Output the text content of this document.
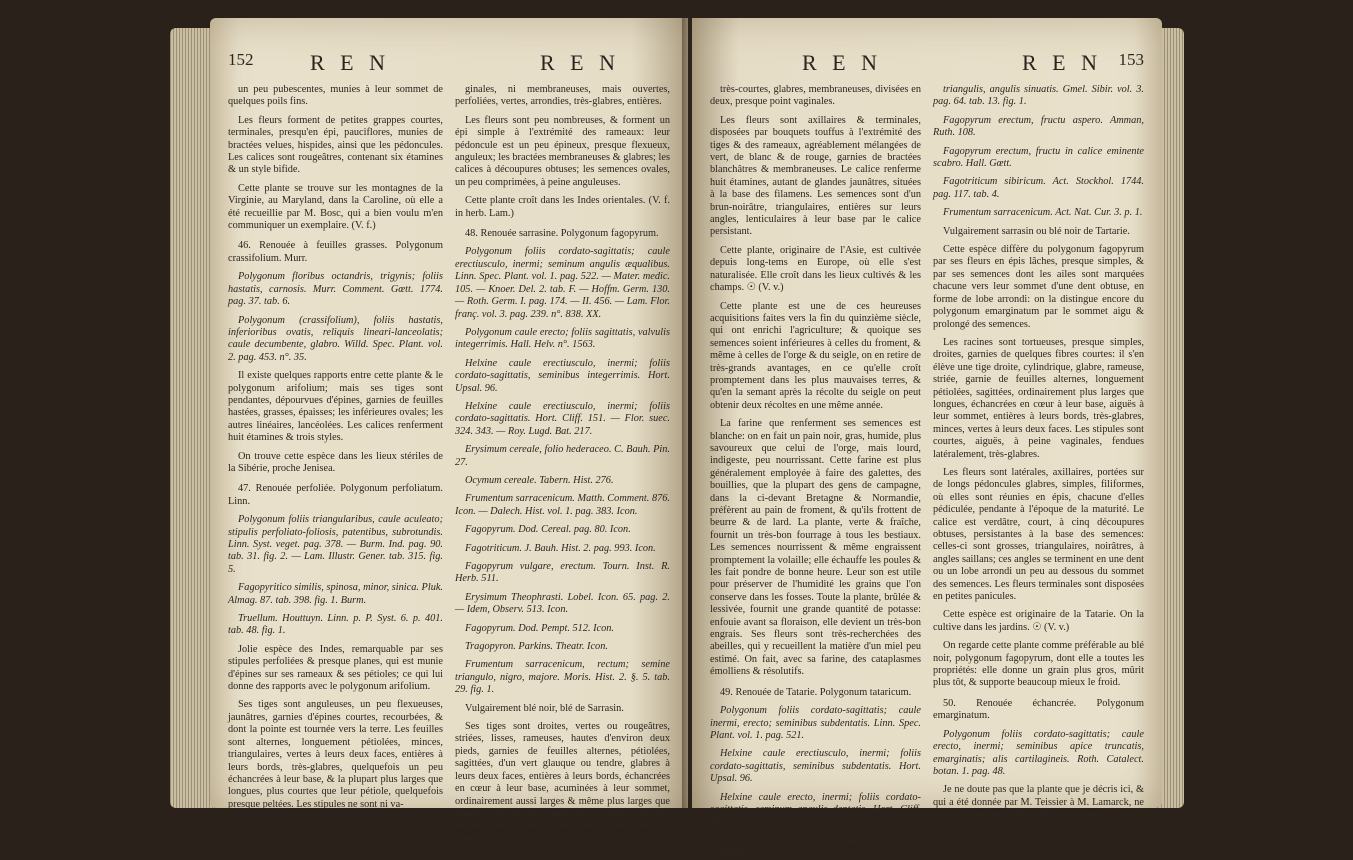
152	R E N	R E N

un peu pubescentes, munies à leur sommet de quelques poils fins.

Les fleurs forment de petites grappes courtes, terminales, presqu'en épi, pauciflores, munies de bractées velues, hispides, ainsi que les pédoncules. Les calices sont rougeâtres, contenant six étamines & un style bifide.

Cette plante se trouve sur les montagnes de la Virginie, au Maryland, dans la Caroline, où elle a été recueillie par M. Bosc, qui a bien voulu m'en communiquer un exemplaire. (V. f.)

46. Renouée à feuilles grasses. Polygonum crassifolium. Murr.

Polygonum floribus octandris, trigynis; foliis hastatis, carnosis. Murr. Comment. Gœtt. 1774. pag. 37. tab. 6.

Polygonum (crassifolium), foliis hastatis, inferioribus ovatis, reliquis lineari-lanceolatis; caule decumbente, glabro. Willd. Spec. Plant. vol. 2. pag. 453. n°. 35.

Il existe quelques rapports entre cette plante & le polygonum arifolium; mais ses tiges sont pendantes, dépourvues d'épines, garnies de feuilles hastées, grasses, épaisses; les inférieures ovales; les autres linéaires, lancéolées. Les calices renferment huit étamines & trois styles.

On trouve cette espèce dans les lieux stériles de la Sibérie, proche Jenisea.

47. Renouée perfoliée. Polygonum perfoliatum. Linn.

Polygonum foliis triangularibus, caule aculeato; stipulis perfoliato-foliosis, patentibus, subrotundis. Linn. Syst. veget. pag. 378. — Burm. Ind. pag. 90. tab. 31. fig. 2. — Lam. Illustr. Gener. tab. 315. fig. 5.

Fagopyritico similis, spinosa, minor, sinica. Pluk. Almag. 87. tab. 398. fig. 1. Burm.

Truellum. Houttuyn. Linn. p. P. Syst. 6. p. 401. tab. 48. fig. 1.

Jolie espèce des Indes, remarquable par ses stipules perfoliées & presque planes, qui est munie d'épines sur ses rameaux & ses pétioles; ce qui lui donne des rapports avec le polygonum arifolium.

Ses tiges sont anguleuses, un peu flexueuses, jaunâtres, garnies d'épines courtes, recourbées, & dont la pointe est tournée vers la terre. Les feuilles sont alternes, longuement pétiolées, minces, triangulaires, vertes à leurs deux faces, entières à leurs bords, très-glabres, quelquefois un peu échancrées à leur base, & la plupart plus larges que longues, plus courtes que leur pétiole, quelquefois presque peltées. Les stipules ne sont ni va-

ginales, ni membraneuses, mais ouvertes, perfoliées, vertes, arrondies, très-glabres, entières.

Les fleurs sont peu nombreuses, & forment un épi simple à l'extrémité des rameaux: leur pédoncule est un peu épineux, presque flexueux, anguleux; les bractées membraneuses & glabres; les calices à découpures obtuses; les semences ovales, un peu comprimées, à peine anguleuses.

Cette plante croît dans les Indes orientales. (V. f. in herb. Lam.)

48. Renouée sarrasine. Polygonum fagopyrum.

Polygonum foliis cordato-sagittatis; caule erectiusculo, inermi; seminum angulis æqualibus. Linn. Spec. Plant. vol. 1. pag. 522. — Mater. medic. 105. — Knoer. Del. 2. tab. F. — Hoffm. Germ. 130. — Roth. Germ. I. pag. 174. — II. 456. — Lam. Flor. franç. vol. 3. pag. 239. n°. 838. XX.

Polygonum caule erecto; foliis sagittatis, valvulis integerrimis. Hall. Helv. n°. 1563.

Helxine caule erectiusculo, inermi; foliis cordato-sagittatis, seminibus integerrimis. Hort. Upsal. 96.

Helxine caule erectiusculo, inermi; foliis cordato-sagittatis. Hort. Cliff. 151. — Flor. suec. 324. 343. — Roy. Lugd. Bat. 217.

Erysimum cereale, folio hederaceo. C. Bauh. Pin. 27.

Ocymum cereale. Tabern. Hist. 276.

Frumentum sarracenicum. Matth. Comment. 876. Icon. — Dalech. Hist. vol. 1. pag. 383. Icon.

Fagopyrum. Dod. Cereal. pag. 80. Icon.

Fagotriticum. J. Bauh. Hist. 2. pag. 993. Icon.

Fagopyrum vulgare, erectum. Tourn. Inst. R. Herb. 511.

Erysimum Theophrasti. Lobel. Icon. 65. pag. 2. — Idem, Observ. 513. Icon.

Fagopyrum. Dod. Pempt. 512. Icon.

Tragopyron. Parkins. Theatr. Icon.

Frumentum sarracenicum, rectum; semine triangulo, nigro, majore. Moris. Hist. 2. §. 5. tab. 29. fig. 1.

Vulgairement blé noir, blé de Sarrasin.

Ses tiges sont droites, vertes ou rougeâtres, striées, lisses, rameuses, hautes d'environ deux pieds, garnies de feuilles alternes, pétiolées, sagittées, d'un vert glauque ou tendre, glabres à leurs deux faces, entières à leurs bords, échancrées en cœur à leur base, acuminées à leur sommet, ordinairement aussi larges & même plus larges que longues; les feuilles supérieures presque sessiles; les dernières amplexicaules. Les stipules sont très-courtes,

R E N	R E N 153

très-courtes, glabres, membraneuses, divisées en deux, presque point vaginales.

Les fleurs sont axillaires & terminales, disposées par bouquets touffus à l'extrémité des tiges & des rameaux, agréablement mélangées de vert, de blanc & de rouge, garnies de bractées blanchâtres & membraneuses. Le calice renferme huit étamines, autant de glandes jaunâtres, situées à la base des filamens. Les semences sont d'un brun-noirâtre, triangulaires, entières sur leurs angles, lenticulaires à leur base par le calice persistant.

Cette plante, originaire de l'Asie, est cultivée depuis long-tems en Europe, où elle s'est naturalisée. Elle croît dans les lieux cultivés & les champs. ☉ (V. v.)

Cette plante est une de ces heureuses acquisitions faites vers la fin du quinzième siècle, qui ont enrichi l'agriculture; & quoique ses semences soient inférieures à celles du froment, & même à celles de l'orge & du seigle, on en retire de très-grands avantages, en ce qu'elle croît promptement dans les plus mauvaises terres, & qu'en la semant après la récolte du seigle on peut obtenir deux récoltes en une même année.

La farine que renferment ses semences est blanche: on en fait un pain noir, gras, humide, plus savoureux que celui de l'orge, mais lourd, indigeste, peu nourrissant. Cette farine est plus généralement employée à faire des galettes, des bouillies, que la plupart des gens de campagne, dans la ci-devant Bretagne & Normandie, préfèrent au pain de froment, & qu'ils frottent de beurre & de lard. La plante, verte & fraîche, fournit un très-bon fourrage à tous les bestiaux. Les semences nourrissent & même engraissent promptement la volaille; elle échauffe les poules & les fait pondre de bonne heure. Leur son est utile pour préserver de l'humidité les grains que l'on conserve dans les fosses. Toute la plante, brûlée & lessivée, fournit une grande quantité de potasse: enfouie avant sa floraison, elle devient un très-bon engrais. Ses fleurs sont très-recherchées des abeilles, qui y recueillent la matière d'un miel peu estimé. On fait, avec sa farine, des cataplasmes émolliens & résolutifs.

49. Renouée de Tatarie. Polygonum tataricum.

Polygonum foliis cordato-sagittatis; caule inermi, erecto; seminibus subdentatis. Linn. Spec. Plant. vol. 1. pag. 521.

Helxine caule erectiusculo, inermi; foliis cordato-sagittatis, seminibus subdentatis. Hort. Upsal. 96.

Helxine caule erecto, inermi; foliis cordato-sagittatis, seminum angulis dentatis. Hort. Cliff. 151.

Polygonum floribus octandris, trigynis; seminibus

triangulis, angulis sinuatis. Gmel. Sibir. vol. 3. pag. 64. tab. 13. fig. 1.

Fagopyrum erectum, fructu aspero. Amman, Ruth. 108.

Fagopyrum erectum, fructu in calice eminente scabro. Hall. Gœtt.

Fagotriticum sibiricum. Act. Stockhol. 1744. pag. 117. tab. 4.

Frumentum sarracenicum. Act. Nat. Cur. 3. p. 1.

Vulgairement sarrasin ou blé noir de Tartarie.

Cette espèce diffère du polygonum fagopyrum par ses fleurs en épis lâches, presque simples, & par ses semences dont les ailes sont marquées chacune vers leur sommet d'une dent obtuse, en forme de lobe arrondi: on la distingue encore du polygonum emarginatum par le sommet aigu & prolongé des semences.

Les racines sont tortueuses, presque simples, droites, garnies de quelques fibres courtes: il s'en élève une tige droite, cylindrique, glabre, rameuse, striée, garnie de feuilles alternes, longuement pétiolées, sagittées, ordinairement plus larges que longues, échancrées en cœur à leur base, aiguës à leur sommet, entières à leurs bords, très-glabres, minces, vertes à leurs deux faces. Les stipules sont courtes, aiguës, à peine vaginales, fendues latéralement, très-glabres.

Les fleurs sont latérales, axillaires, portées sur de longs pédoncules glabres, simples, filiformes, où elles sont réunies en épis, chacune d'elles pédiculée, pendante à l'époque de la maturité. Le calice est verdâtre, court, à cinq découpures obtuses, persistantes à la base des semences: celles-ci sont grosses, triangulaires, noirâtres, à angles saillans; ces angles se terminent en une dent ou un lobe arrondi un peu au dessous du sommet des semences. Les fleurs terminales sont disposées en petites panicules.

Cette espèce est originaire de la Tatarie. On la cultive dans les jardins. ☉ (V. v.)

On regarde cette plante comme préférable au blé noir, polygonum fagopyrum, dont elle a toutes les propriétés: elle donne un grain plus gros, mûrit plus tôt, & supporte beaucoup mieux le froid.

50. Renouée échancrée. Polygonum emarginatum.

Polygonum foliis cordato-sagittatis; caule erecto, inermi; seminibus apice truncatis, emarginatis; alis cartilagineis. Roth. Catalect. botan. 1. pag. 48.

Je ne doute pas que la plante que je décris ici, & qui a été donnée par M. Teissier à M. Lamarck, ne soit la même que celle de Roth, à laquelle je
